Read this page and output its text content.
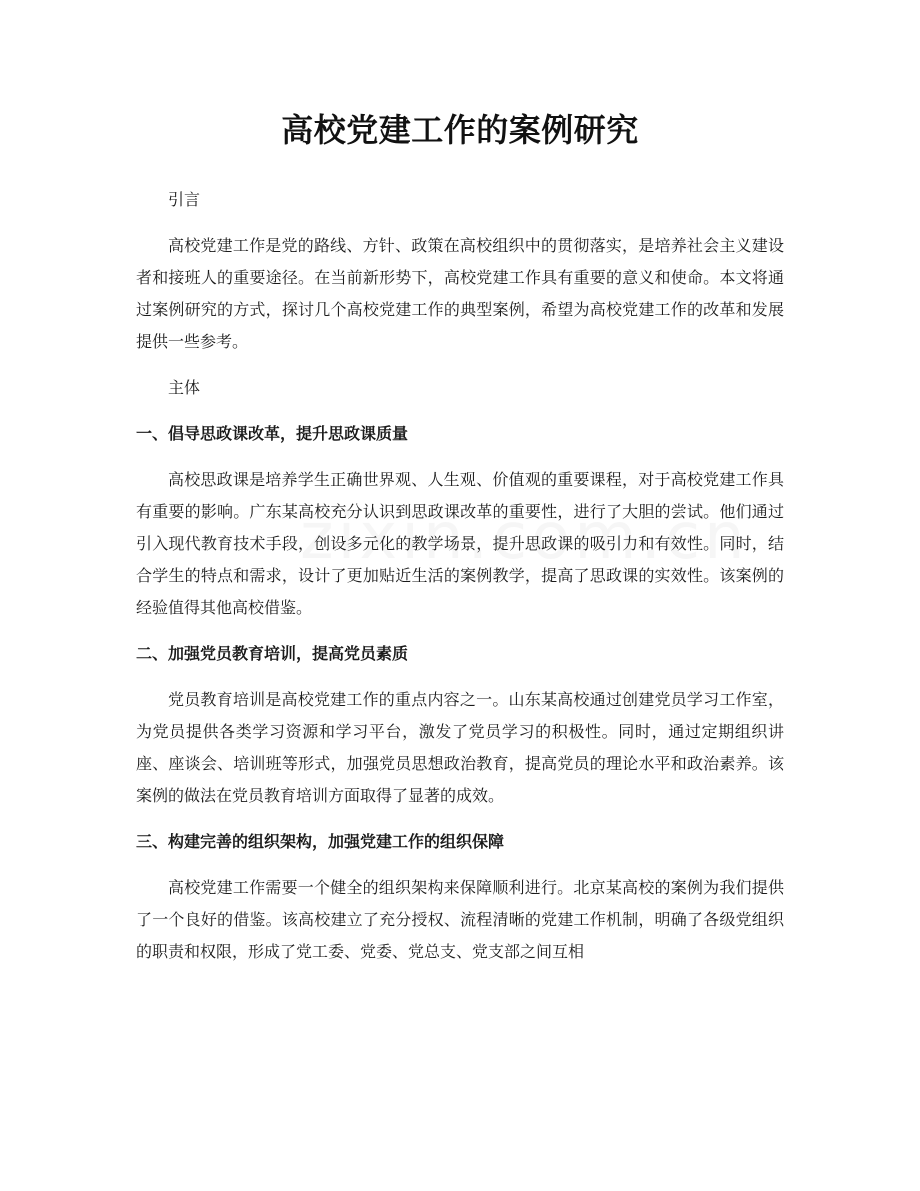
高校党建工作的案例研究

引言

高校党建工作是党的路线、方针、政策在高校组织中的贯彻落实，是培养社会主义建设者和接班人的重要途径。在当前新形势下，高校党建工作具有重要的意义和使命。本文将通过案例研究的方式，探讨几个高校党建工作的典型案例，希望为高校党建工作的改革和发展提供一些参考。

主体

一、倡导思政课改革，提升思政课质量

高校思政课是培养学生正确世界观、人生观、价值观的重要课程，对于高校党建工作具有重要的影响。广东某高校充分认识到思政课改革的重要性，进行了大胆的尝试。他们通过引入现代教育技术手段，创设多元化的教学场景，提升思政课的吸引力和有效性。同时，结合学生的特点和需求，设计了更加贴近生活的案例教学，提高了思政课的实效性。该案例的经验值得其他高校借鉴。

二、加强党员教育培训，提高党员素质

党员教育培训是高校党建工作的重点内容之一。山东某高校通过创建党员学习工作室，为党员提供各类学习资源和学习平台，激发了党员学习的积极性。同时，通过定期组织讲座、座谈会、培训班等形式，加强党员思想政治教育，提高党员的理论水平和政治素养。该案例的做法在党员教育培训方面取得了显著的成效。

三、构建完善的组织架构，加强党建工作的组织保障

高校党建工作需要一个健全的组织架构来保障顺利进行。北京某高校的案例为我们提供了一个良好的借鉴。该高校建立了充分授权、流程清晰的党建工作机制，明确了各级党组织的职责和权限，形成了党工委、党委、党总支、党支部之间互相
